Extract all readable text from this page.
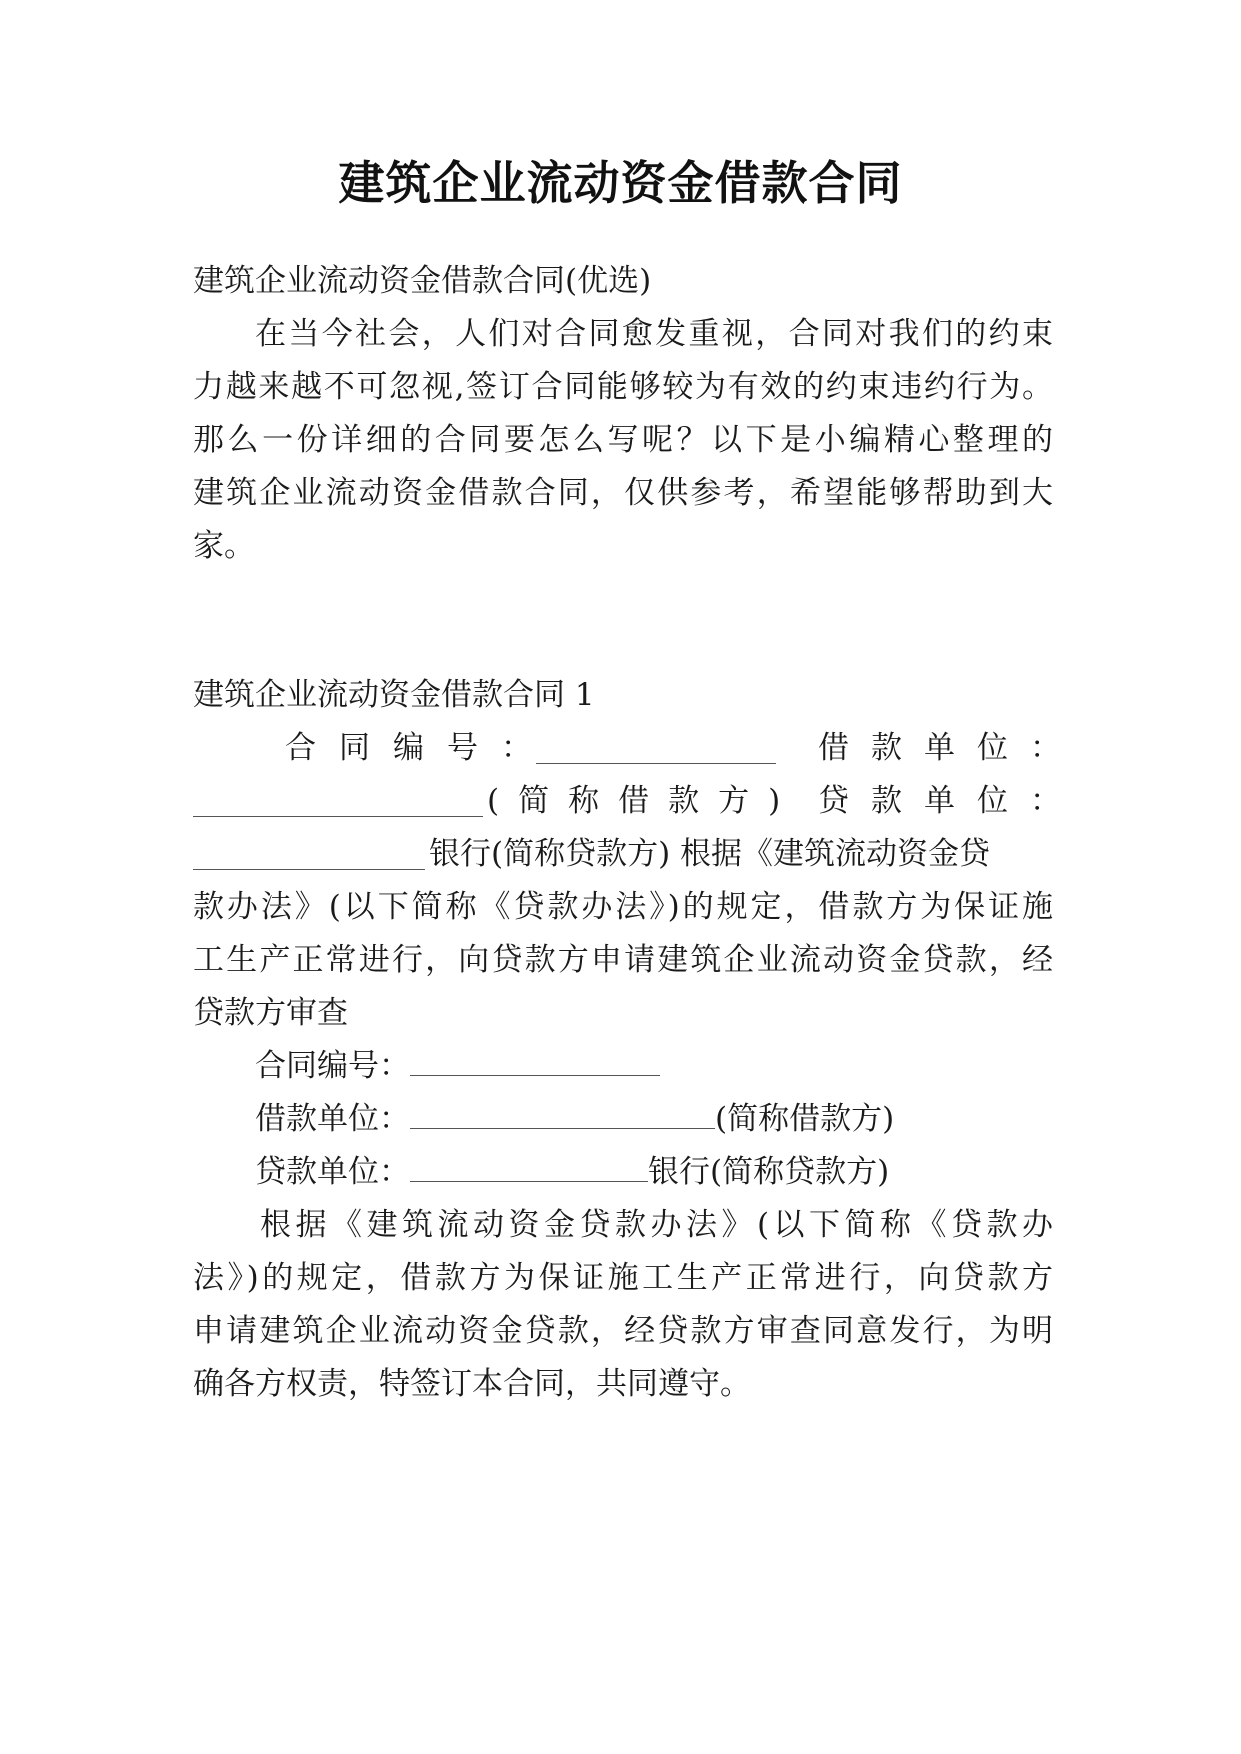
建筑企业流动资金借款合同
建筑企业流动资金借款合同(优选)
在当今社会，人们对合同愈发重视，合同对我们的约束
力越来越不可忽视,签订合同能够较为有效的约束违约行为。
那么一份详细的合同要怎么写呢？以下是小编精心整理的
建筑企业流动资金借款合同，仅供参考，希望能够帮助到大
家。
建筑企业流动资金借款合同 1
合同编号：	借款单位：
(简称借款方) 贷款单位：
银行(简称贷款方) 根据《建筑流动资金贷
款办法》(以下简称《贷款办法》)的规定，借款方为保证施
工生产正常进行，向贷款方申请建筑企业流动资金贷款，经
贷款方审查
合同编号：
借款单位：	(简称借款方)
贷款单位：	银行(简称贷款方)
根据《建筑流动资金贷款办法》(以下简称《贷款办
法》)的规定，借款方为保证施工生产正常进行，向贷款方
申请建筑企业流动资金贷款，经贷款方审查同意发行，为明
确各方权责，特签订本合同，共同遵守。
